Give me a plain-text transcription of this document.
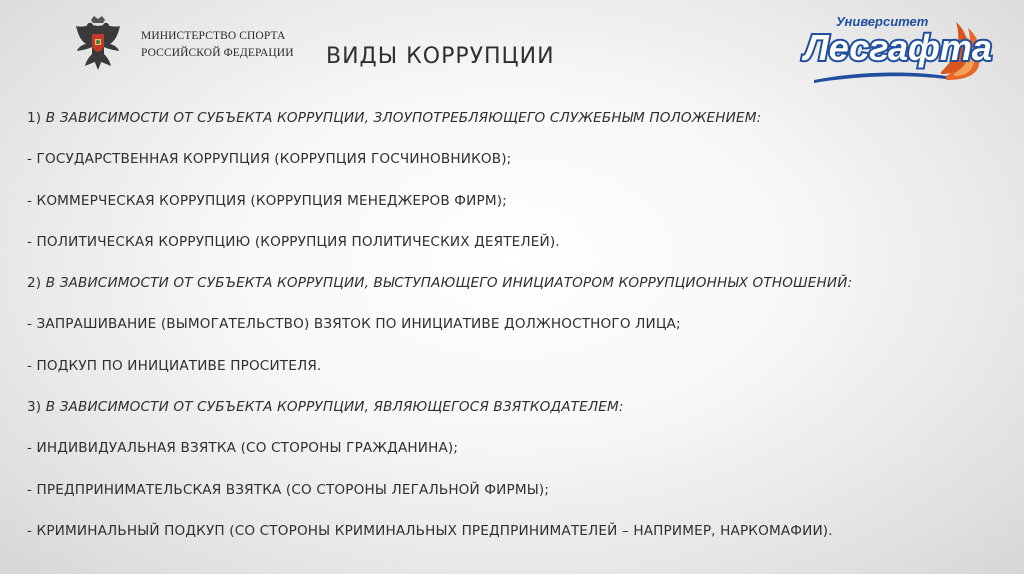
МИНИСТЕРСТВО СПОРТА
РОССИЙСКОЙ ФЕДЕРАЦИИ ВИДЫ КОРРУПЦИИ
Университет
Лесгафта
1) В ЗАВИСИМОСТИ ОТ СУБЪЕКТА КОРРУПЦИИ, ЗЛОУПОТРЕБЛЯЮЩЕГО СЛУЖЕБНЫМ ПОЛОЖЕНИЕМ:
- ГОСУДАРСТВЕННАЯ КОРРУПЦИЯ (КОРРУПЦИЯ ГОСЧИНОВНИКОВ);
- КОММЕРЧЕСКАЯ КОРРУПЦИЯ (КОРРУПЦИЯ МЕНЕДЖЕРОВ ФИРМ);
- ПОЛИТИЧЕСКАЯ КОРРУПЦИЮ (КОРРУПЦИЯ ПОЛИТИЧЕСКИХ ДЕЯТЕЛЕЙ).
2) В ЗАВИСИМОСТИ ОТ СУБЪЕКТА КОРРУПЦИИ, ВЫСТУПАЮЩЕГО ИНИЦИАТОРОМ КОРРУПЦИОННЫХ ОТНОШЕНИЙ:
- ЗАПРАШИВАНИЕ (ВЫМОГАТЕЛЬСТВО) ВЗЯТОК ПО ИНИЦИАТИВЕ ДОЛЖНОСТНОГО ЛИЦА;
- ПОДКУП ПО ИНИЦИАТИВЕ ПРОСИТЕЛЯ.
3) В ЗАВИСИМОСТИ ОТ СУБЪЕКТА КОРРУПЦИИ, ЯВЛЯЮЩЕГОСЯ ВЗЯТКОДАТЕЛЕМ:
- ИНДИВИДУАЛЬНАЯ ВЗЯТКА (СО СТОРОНЫ ГРАЖДАНИНА);
- ПРЕДПРИНИМАТЕЛЬСКАЯ ВЗЯТКА (СО СТОРОНЫ ЛЕГАЛЬНОЙ ФИРМЫ);
- КРИМИНАЛЬНЫЙ ПОДКУП (СО СТОРОНЫ КРИМИНАЛЬНЫХ ПРЕДПРИНИМАТЕЛЕЙ – НАПРИМЕР, НАРКОМАФИИ).
